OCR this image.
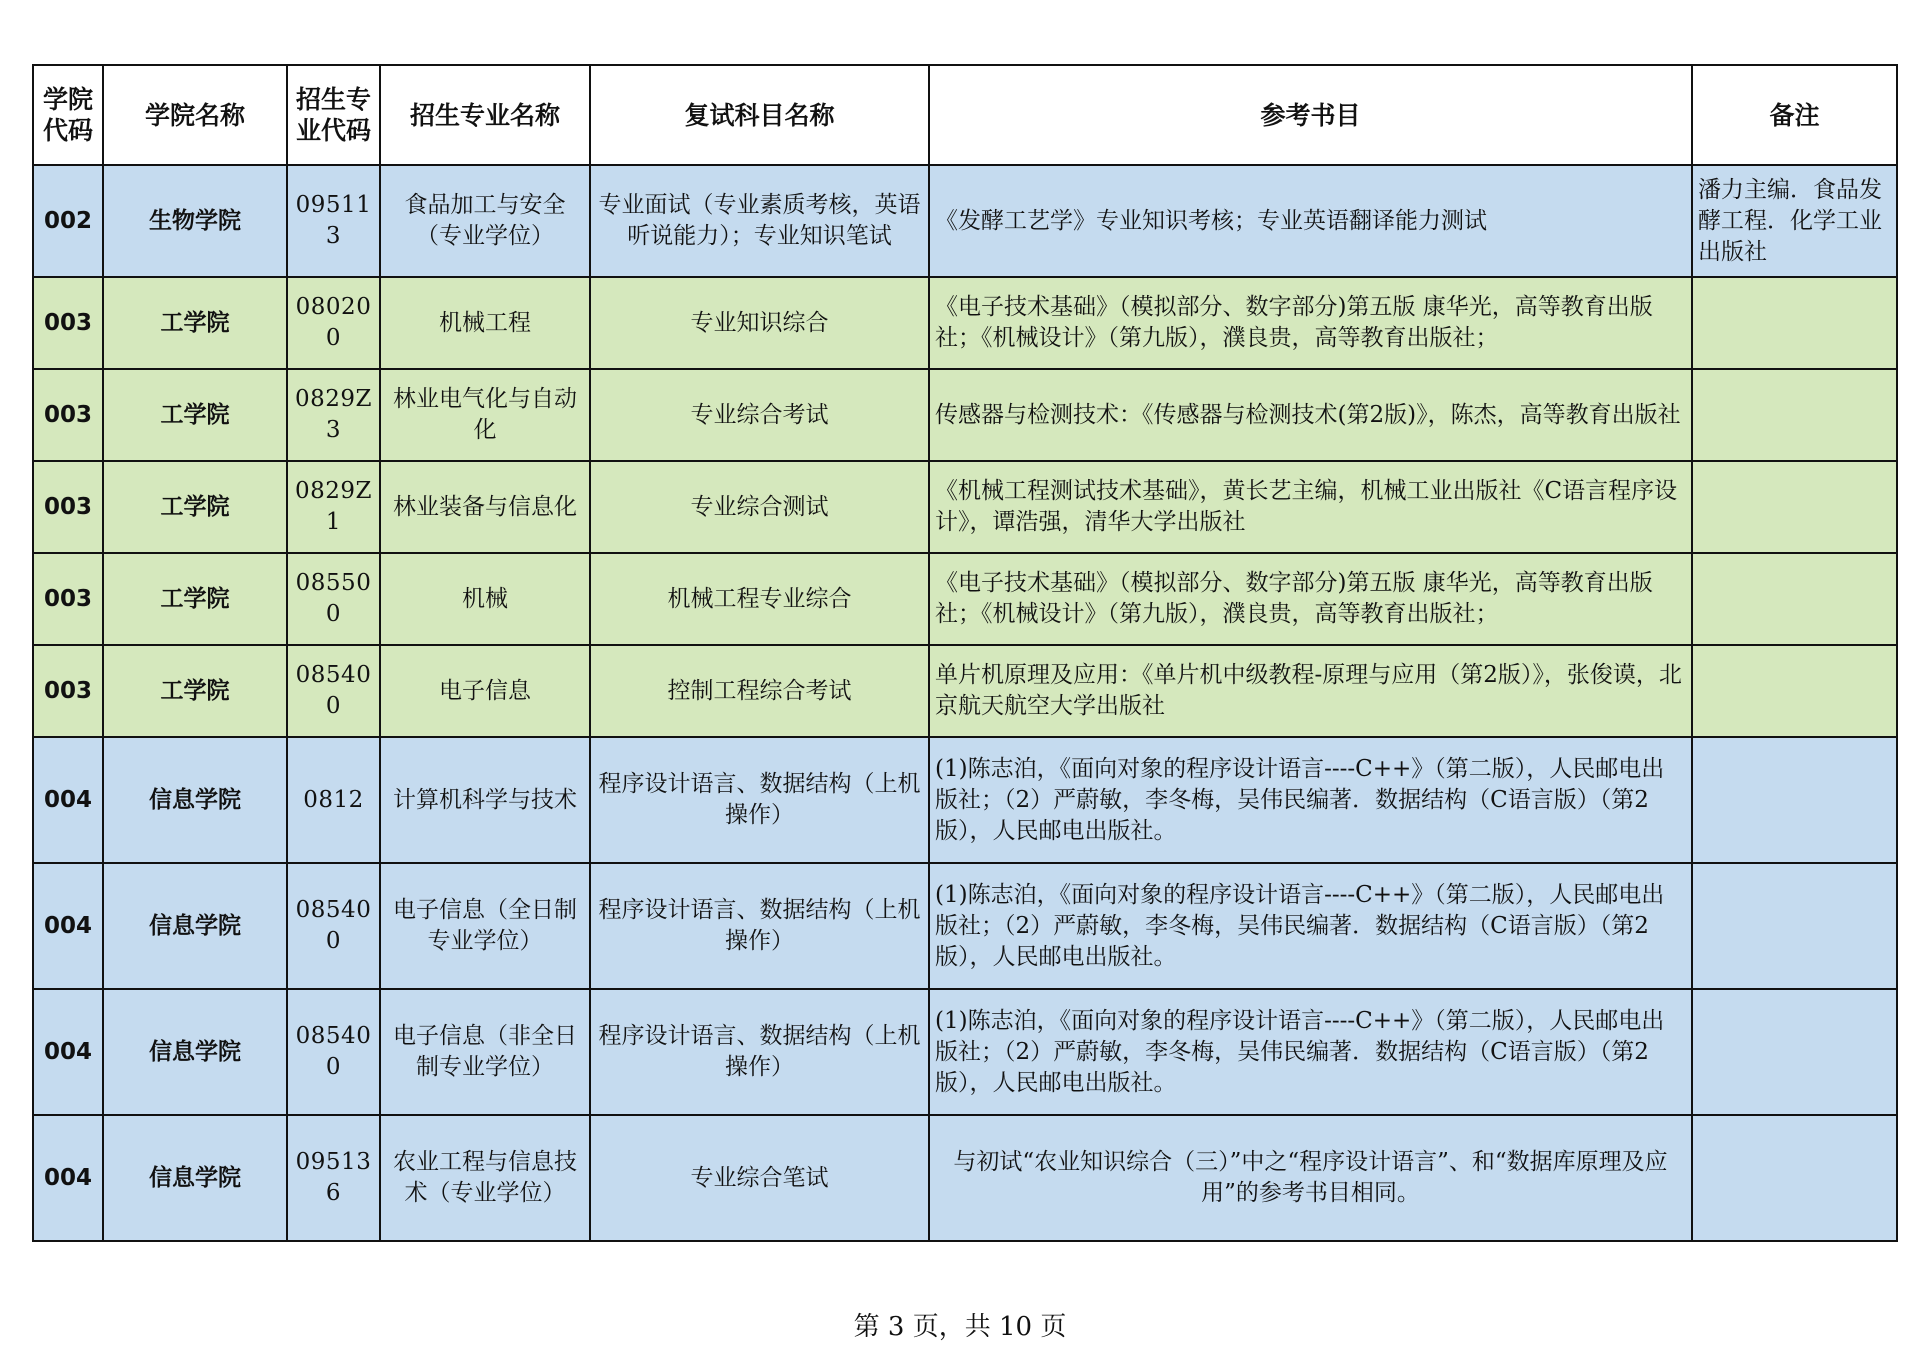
学院代码	学院名称	招生专业代码	招生专业名称	复试科目名称	参考书目	备注
002	生物学院	095113	食品加工与安全（专业学位）	专业面试（专业素质考核，英语听说能力）；专业知识笔试	《发酵工艺学》专业知识考核；专业英语翻译能力测试	潘力主编．食品发酵工程．化学工业出版社
003	工学院	080200	机械工程	专业知识综合	《电子技术基础》（模拟部分、数字部分)第五版 康华光，高等教育出版社；《机械设计》（第九版），濮良贵，高等教育出版社；	
003	工学院	0829Z3	林业电气化与自动化	专业综合考试	传感器与检测技术：《传感器与检测技术(第2版)》，陈杰，高等教育出版社	
003	工学院	0829Z1	林业装备与信息化	专业综合测试	《机械工程测试技术基础》，黄长艺主编，机械工业出版社《C语言程序设计》，谭浩强，清华大学出版社	
003	工学院	085500	机械	机械工程专业综合	《电子技术基础》（模拟部分、数字部分)第五版 康华光，高等教育出版社；《机械设计》（第九版），濮良贵，高等教育出版社；	
003	工学院	085400	电子信息	控制工程综合考试	单片机原理及应用：《单片机中级教程-原理与应用（第2版）》，张俊谟，北京航天航空大学出版社	
004	信息学院	0812	计算机科学与技术	程序设计语言、数据结构（上机操作）	(1)陈志泊，《面向对象的程序设计语言----C++》（第二版），人民邮电出版社；（2）严蔚敏，李冬梅，吴伟民编著．数据结构（C语言版）（第2版），人民邮电出版社。	
004	信息学院	085400	电子信息（全日制专业学位）	程序设计语言、数据结构（上机操作）	(1)陈志泊，《面向对象的程序设计语言----C++》（第二版），人民邮电出版社；（2）严蔚敏，李冬梅，吴伟民编著．数据结构（C语言版）（第2版），人民邮电出版社。	
004	信息学院	085400	电子信息（非全日制专业学位）	程序设计语言、数据结构（上机操作）	(1)陈志泊，《面向对象的程序设计语言----C++》（第二版），人民邮电出版社；（2）严蔚敏，李冬梅，吴伟民编著．数据结构（C语言版）（第2版），人民邮电出版社。	
004	信息学院	095136	农业工程与信息技术（专业学位）	专业综合笔试	与初试“农业知识综合（三）”中之“程序设计语言”、和“数据库原理及应用”的参考书目相同。	
第 3 页，共 10 页
